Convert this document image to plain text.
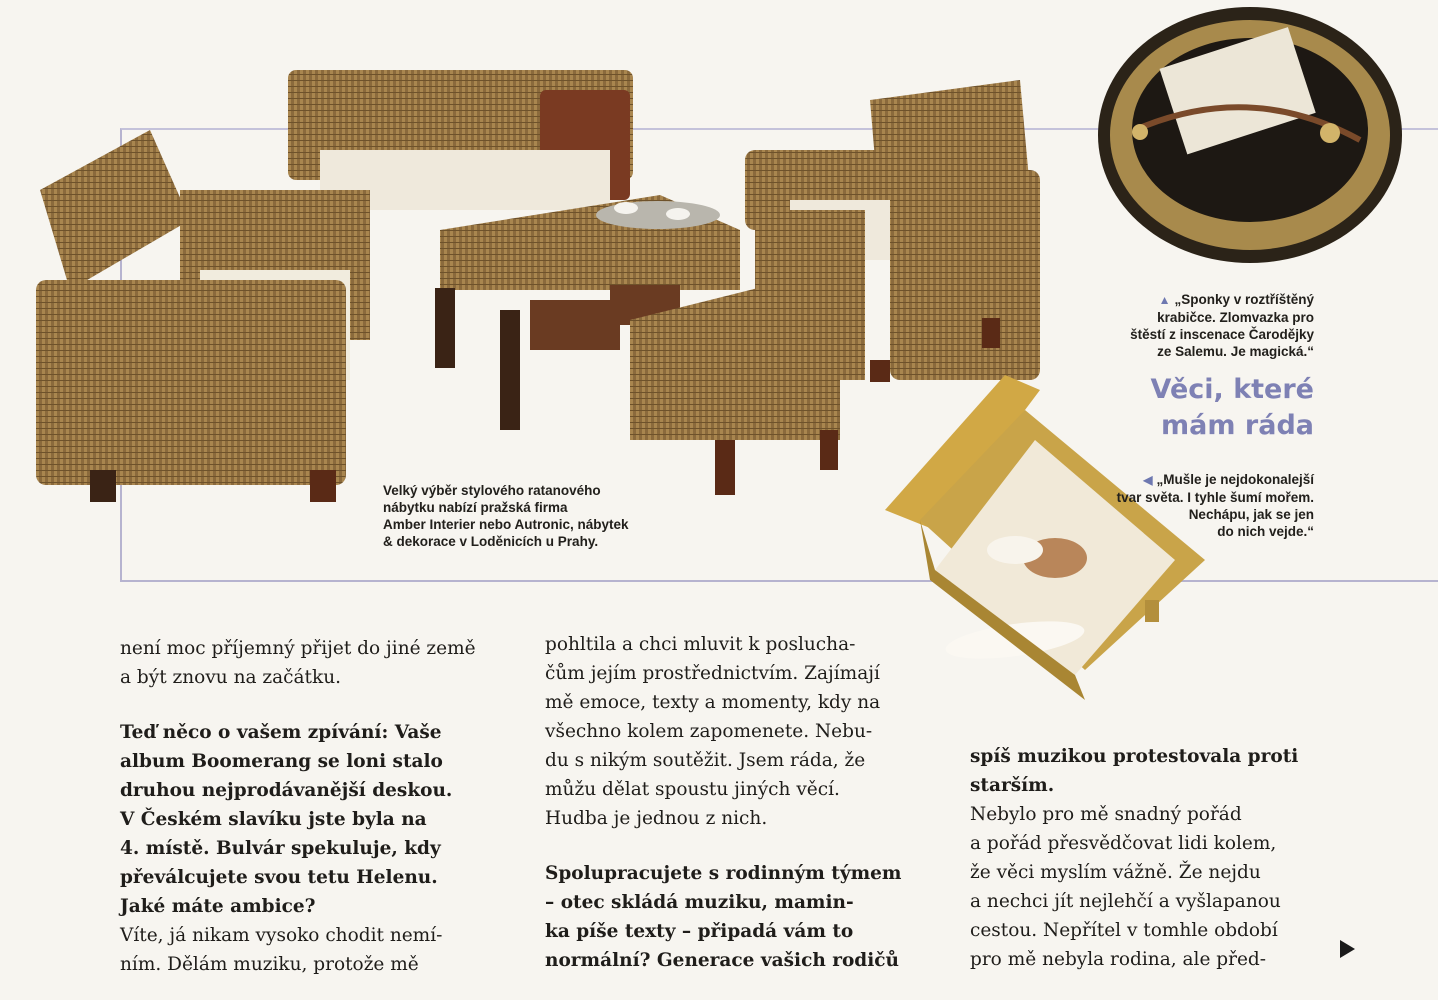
Velký výběr stylového ratanového
nábytku nabízí pražská firma
Amber Interier nebo Autronic, nábytek
& dekorace v Loděnicích u Prahy.
▲ „Sponky v roztříštěný
krabičce. Zlomvazka pro
štěstí z inscenace Čarodějky
ze Salemu. Je magická.“
Věci, které
mám ráda
◀ „Mušle je nejdokonalejší
tvar světa. I tyhle šumí mořem.
Nechápu, jak se jen
do nich vejde.“

není moc příjemný přijet do jiné země

a být znovu na začátku.

Teď něco o vašem zpívání: Vaše

album Boomerang se loni stalo

druhou nejprodávanější deskou.

V Českém slavíku jste byla na

4. místě. Bulvár spekuluje, kdy

převálcujete svou tetu Helenu.

Jaké máte ambice?

Víte, já nikam vysoko chodit nemí-

ním. Dělám muziku, protože mě

pohltila a chci mluvit k poslucha-

čům jejím prostřednictvím. Zajímají

mě emoce, texty a momenty, kdy na

všechno kolem zapomenete. Nebu-

du s nikým soutěžit. Jsem ráda, že

můžu dělat spoustu jiných věcí.

Hudba je jednou z nich.

Spolupracujete s rodinným týmem

– otec skládá muziku, mamin-

ka píše texty – připadá vám to

normální? Generace vašich rodičů

spíš muzikou protestovala proti

starším.

Nebylo pro mě snadný pořád

a pořád přesvědčovat lidi kolem,

že věci myslím vážně. Že nejdu

a nechci jít nejlehčí a vyšlapanou

cestou. Nepřítel v tomhle období

pro mě nebyla rodina, ale před-
